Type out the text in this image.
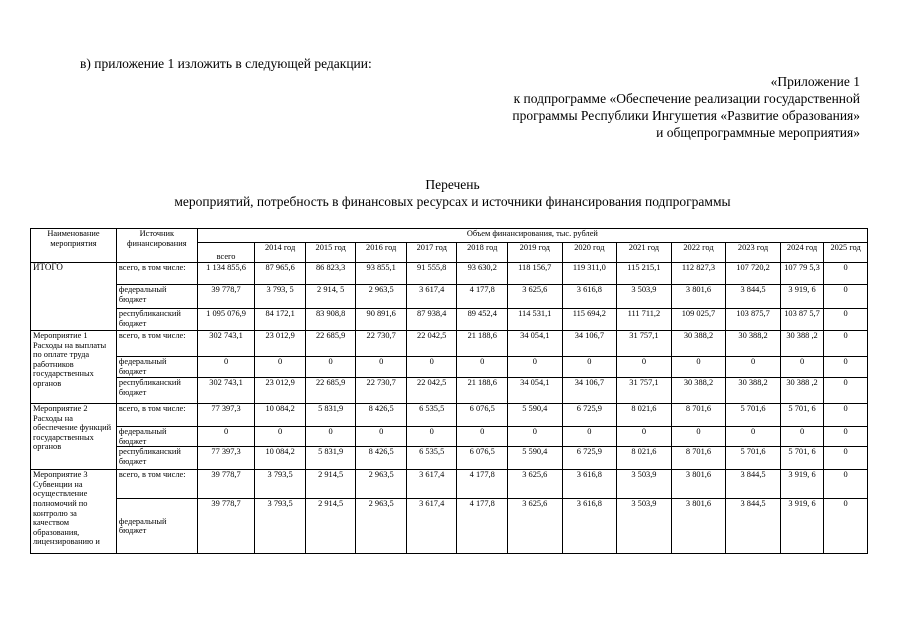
в) приложение 1 изложить в следующей редакции:
«Приложение 1
к подпрограмме «Обеспечение реализации государственной
программы Республики Ингушетия «Развитие образования»
и общепрограммные мероприятия»
Перечень
мероприятий, потребность в финансовых ресурсах и источники финансирования подпрограммы
Наименование мероприятия	Источник финансирования	Объем финансирования, тыс. рублей												
		всего	2014 год	2015 год	2016 год	2017 год	2018 год	2019 год	2020 год	2021 год	2022 год	2023 год	2024 год	2025 год
ИТОГО	всего, в том числе:	1 134 855,6	87 965,6	86 823,3	93 855,1	91 555,8	93 630,2	118 156,7	119 311,0	115 215,1	112 827,3	107 720,2	107 79 5,3	0
	федеральный бюджет	39 778,7	3 793, 5	2 914, 5	2 963,5	3 617,4	4 177,8	3 625,6	3 616,8	3 503,9	3 801,6	3 844,5	3 919, 6	0
	республиканский бюджет	1 095 076,9	84 172,1	83 908,8	90 891,6	87 938,4	89 452,4	114 531,1	115 694,2	111 711,2	109 025,7	103 875,7	103 87 5,7	0
Мероприятие 1 Расходы на выплаты по оплате труда работников государственных органов	всего, в том числе:	302 743,1	23 012,9	22 685,9	22 730,7	22 042,5	21 188,6	34 054,1	34 106,7	31 757,1	30 388,2	30 388,2	30 388 ,2	0
	федеральный бюджет	0	0	0	0	0	0	0	0	0	0	0	0	0
	республиканский бюджет	302 743,1	23 012,9	22 685,9	22 730,7	22 042,5	21 188,6	34 054,1	34 106,7	31 757,1	30 388,2	30 388,2	30 388 ,2	0
Мероприятие 2 Расходы на обеспечение функций государственных органов	всего, в том числе:	77 397,3	10 084,2	5 831,9	8 426,5	6 535,5	6 076,5	5 590,4	6 725,9	8 021,6	8 701,6	5 701,6	5 701, 6	0
	федеральный бюджет	0	0	0	0	0	0	0	0	0	0	0	0	0
	республиканский бюджет	77 397,3	10 084,2	5 831,9	8 426,5	6 535,5	6 076,5	5 590,4	6 725,9	8 021,6	8 701,6	5 701,6	5 701, 6	0
Мероприятие 3 Субвенции на осуществление полномочий по контролю за качеством образования, лицензированию и	всего, в том числе:	39 778,7	3 793,5	2 914,5	2 963,5	3 617,4	4 177,8	3 625,6	3 616,8	3 503,9	3 801,6	3 844,5	3 919, 6	0
	федеральный бюджет	39 778,7	3 793,5	2 914,5	2 963,5	3 617,4	4 177,8	3 625,6	3 616,8	3 503,9	3 801,6	3 844,5	3 919, 6	0
